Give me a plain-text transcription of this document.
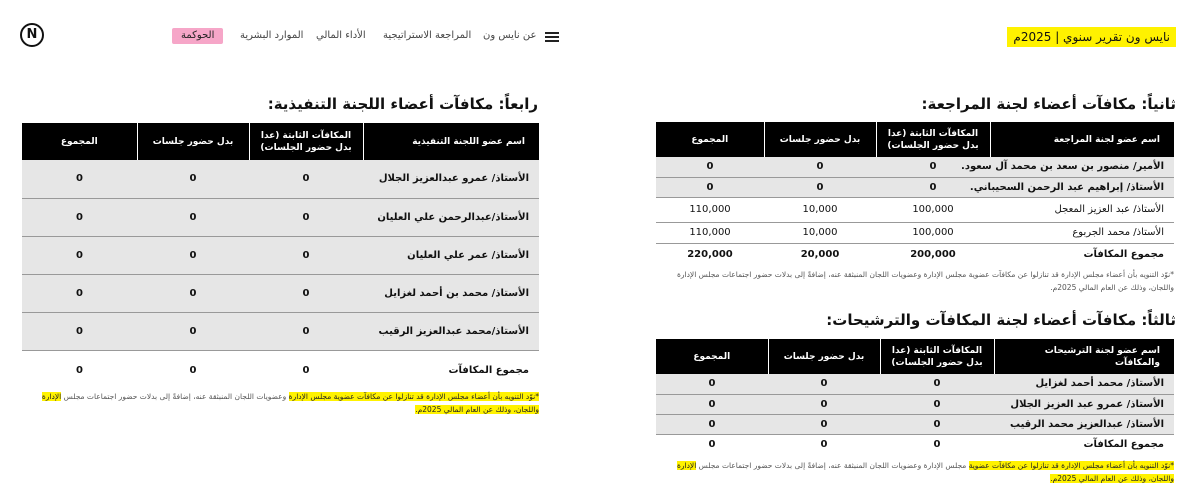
N	الحوكمة	الموارد البشرية الأداء المالي المراجعة الاستراتيجية عن نايس ون	نايس ون تقرير سنوي | 2025م
ثانياً: مكافآت أعضاء لجنة المراجعة:
اسم عضو لجنة المراجعة	المكافآت الثابتة (عدا بدل حضور الجلسات)	بدل حضور جلسات	المجموع
الأمير/ منصور بن سعد بن محمد آل سعود.	0	0	0
الأستاذ/ إبراهيم عبد الرحمن السحيباني.	0	0	0
الأستاذ/ عبد العزيز المعجل	100,000	10,000	110,000
الأستاذ/ محمد الجربوع	100,000	10,000	110,000
مجموع المكافآت	200,000	20,000	220,000
*نوّد التنويه بأن أعضاء مجلس الإدارة قد تنازلوا عن مكافآت عضوية مجلس الإدارة وعضويات اللجان المنبثقة عنه، إضافةً إلى بدلات حضور اجتماعات مجلس الإدارة واللجان، وذلك عن العام المالي 2025م.
ثالثاً: مكافآت أعضاء لجنة المكافآت والترشيحات:
اسم عضو لجنة الترشيحات والمكافآت	المكافآت الثابتة (عدا بدل حضور الجلسات)	بدل حضور جلسات	المجموع
الأستاذ/ محمد أحمد لغزايل	0	0	0
الأستاذ/ عمرو عبد العزيز الجلال	0	0	0
الأستاذ/ عبدالعزيز محمد الرقيب	0	0	0
مجموع المكافآت	0	0	0
*نوّد التنويه بأن أعضاء مجلس الإدارة قد تنازلوا عن مكافآت عضوية مجلس الإدارة وعضويات اللجان المنبثقة عنه، إضافةً إلى بدلات حضور اجتماعات مجلس الإدارة واللجان، وذلك عن العام المالي 2025م.
رابعاً: مكافآت أعضاء اللجنة التنفيذية:
اسم عضو اللجنة التنفيذية	المكافآت الثابتة (عدا بدل حضور الجلسات)	بدل حضور جلسات	المجموع
الأستاذ/ عمرو عبدالعزيز الجلال	0	0	0
الأستاذ/عبدالرحمن علي العليان	0	0	0
الأستاذ/ عمر علي العليان	0	0	0
الأستاذ/ محمد بن أحمد لغزايل	0	0	0
الأستاذ/محمد عبدالعزيز الرقيب	0	0	0
مجموع المكافآت	0	0	0
*نوّد التنويه بأن أعضاء مجلس الإدارة قد تنازلوا عن مكافآت عضوية مجلس الإدارة وعضويات اللجان المنبثقة عنه، إضافةً إلى بدلات حضور اجتماعات مجلس الإدارة واللجان، وذلك عن العام المالي 2025م.
